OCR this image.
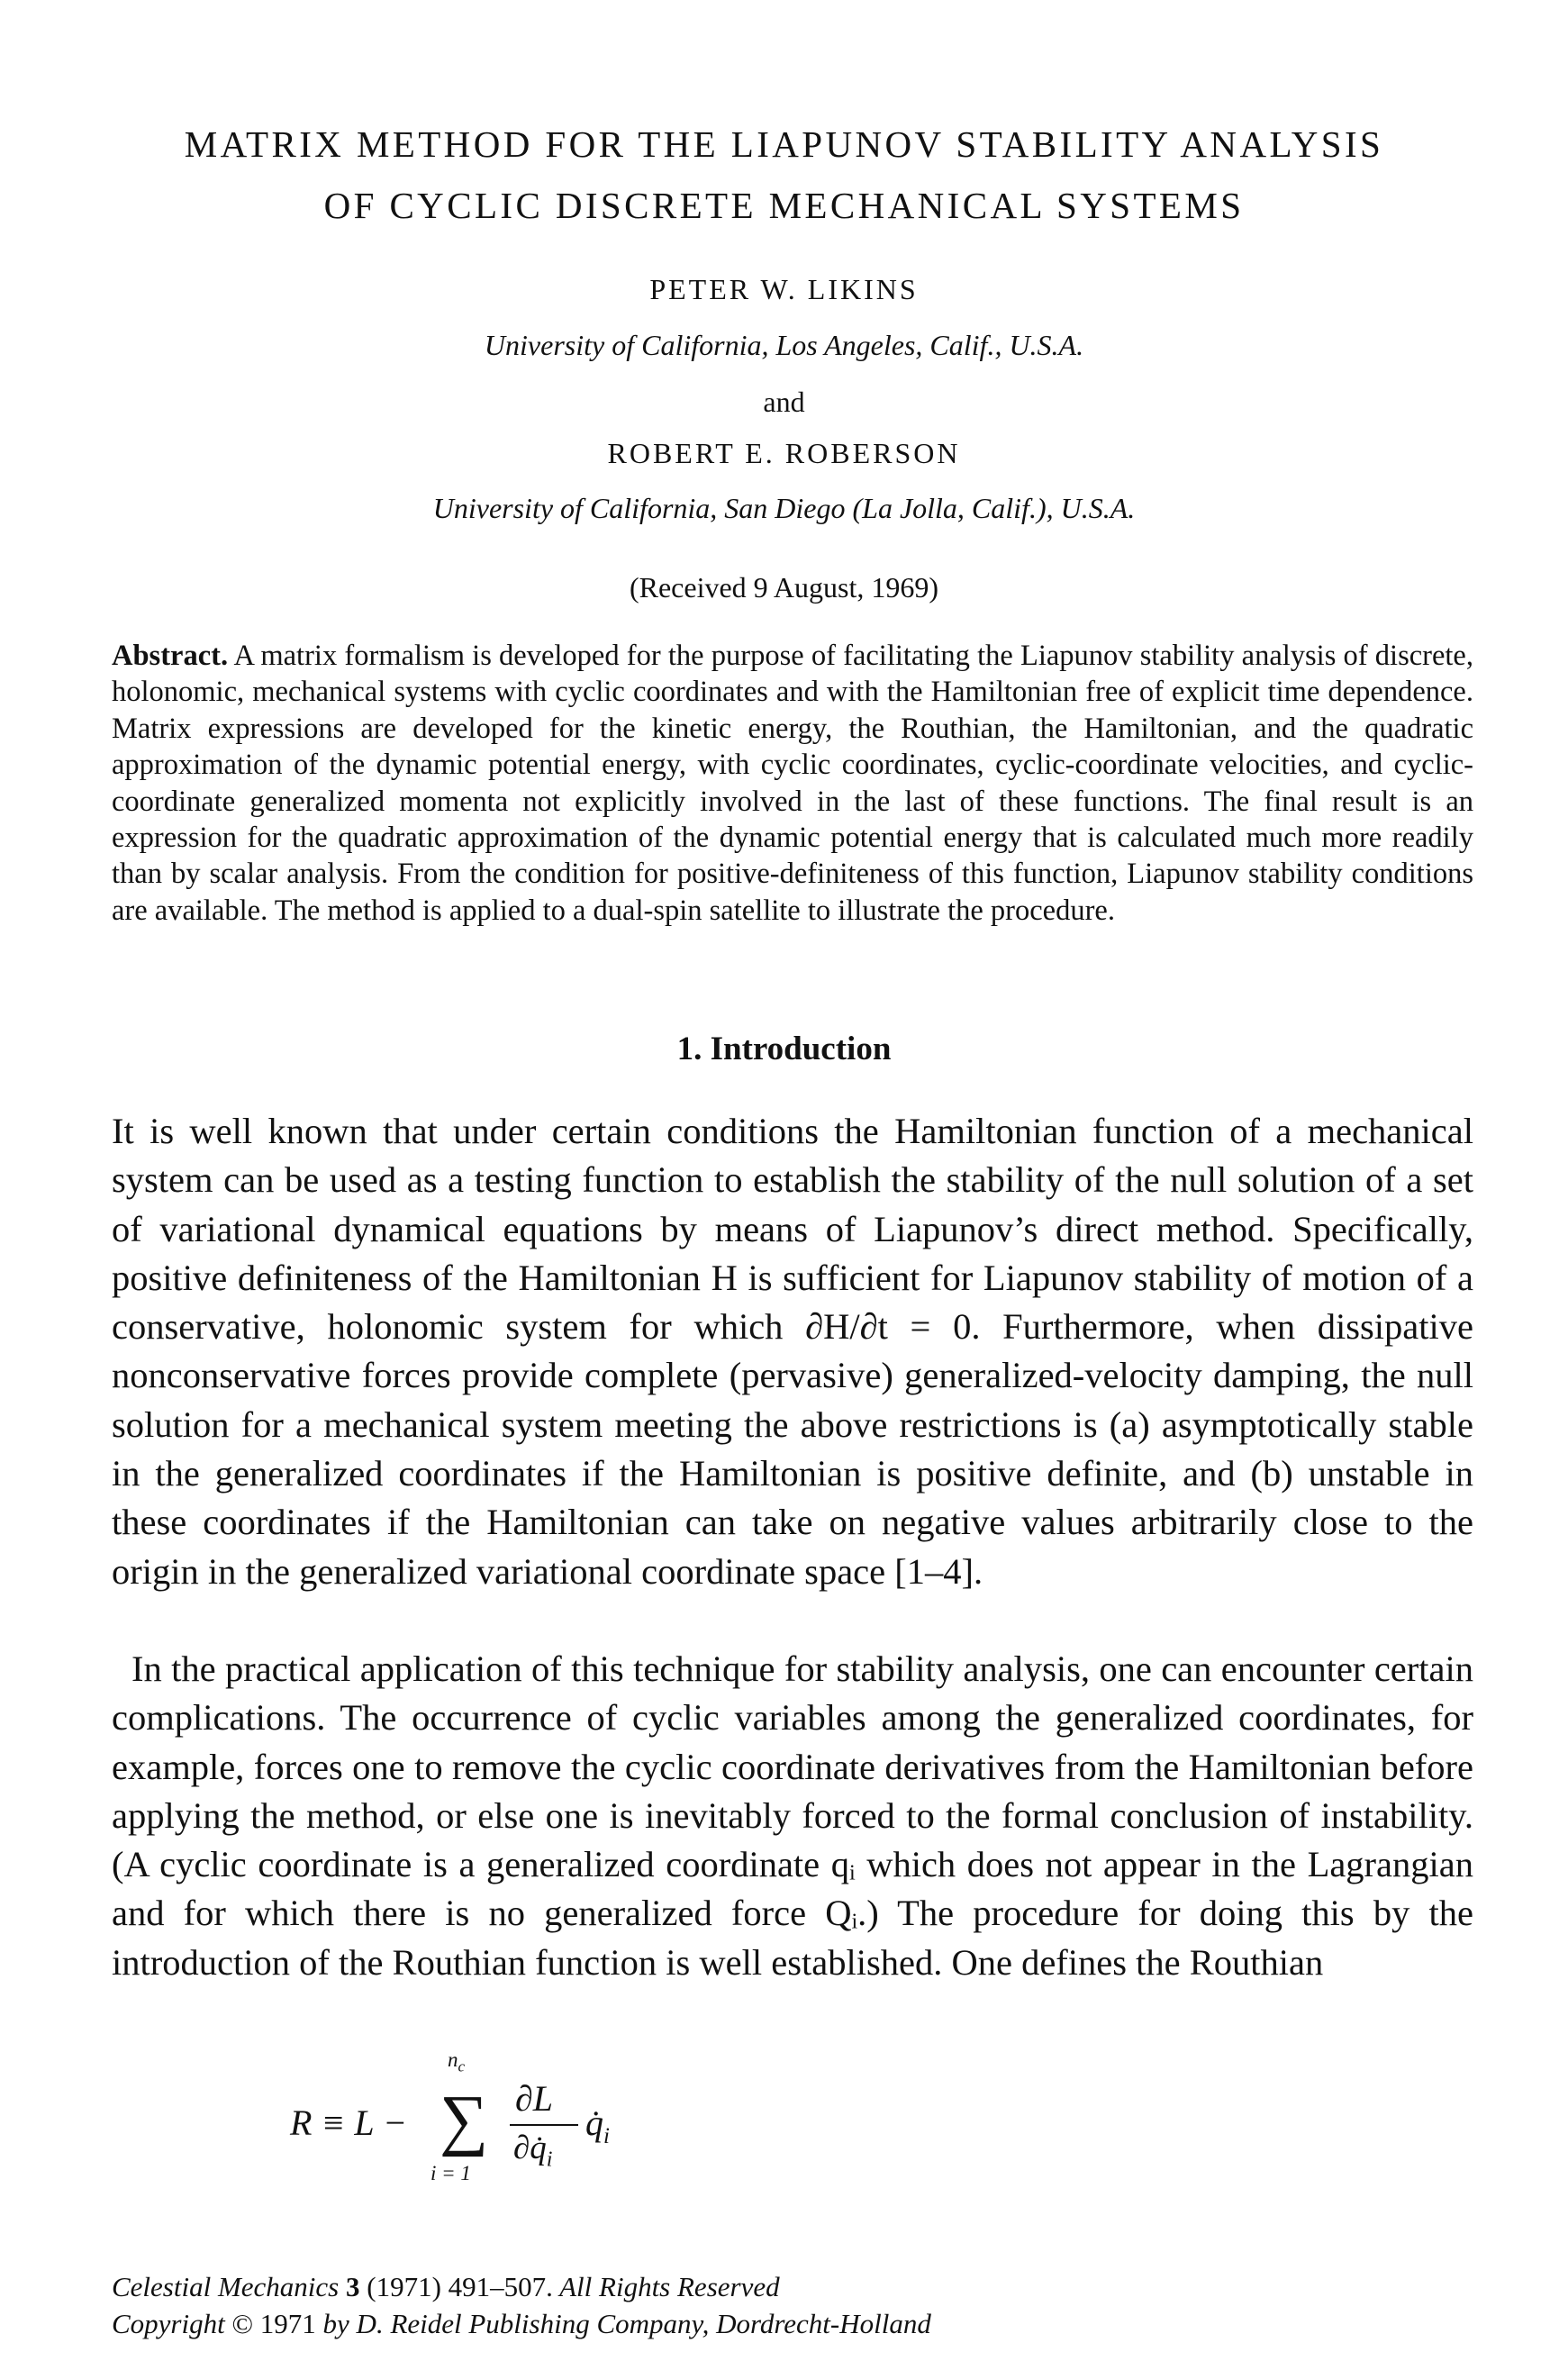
MATRIX METHOD FOR THE LIAPUNOV STABILITY ANALYSIS
OF CYCLIC DISCRETE MECHANICAL SYSTEMS
PETER W. LIKINS
University of California, Los Angeles, Calif., U.S.A.
and
ROBERT E. ROBERSON
University of California, San Diego (La Jolla, Calif.), U.S.A.
(Received 9 August, 1969)
Abstract. A matrix formalism is developed for the purpose of facilitating the Liapunov stability analysis of discrete, holonomic, mechanical systems with cyclic coordinates and with the Hamiltonian free of explicit time dependence. Matrix expressions are developed for the kinetic energy, the Routhian, the Hamiltonian, and the quadratic approximation of the dynamic potential energy, with cyclic coordinates, cyclic-coordinate velocities, and cyclic-coordinate generalized momenta not explicitly involved in the last of these functions. The final result is an expression for the quadratic approximation of the dynamic potential energy that is calculated much more readily than by scalar analysis. From the condition for positive-definiteness of this function, Liapunov stability conditions are available. The method is applied to a dual-spin satellite to illustrate the procedure.
1. Introduction
It is well known that under certain conditions the Hamiltonian function of a mechanical system can be used as a testing function to establish the stability of the null solution of a set of variational dynamical equations by means of Liapunov’s direct method. Specifically, positive definiteness of the Hamiltonian H is sufficient for Liapunov stability of motion of a conservative, holonomic system for which ∂H/∂t = 0. Furthermore, when dissipative nonconservative forces provide complete (pervasive) generalized-velocity damping, the null solution for a mechanical system meeting the above restrictions is (a) asymptotically stable in the generalized coordinates if the Hamiltonian is positive definite, and (b) unstable in these coordinates if the Hamiltonian can take on negative values arbitrarily close to the origin in the generalized variational coordinate space [1–4].
In the practical application of this technique for stability analysis, one can encounter certain complications. The occurrence of cyclic variables among the generalized coordinates, for example, forces one to remove the cyclic coordinate derivatives from the Hamiltonian before applying the method, or else one is inevitably forced to the formal conclusion of instability. (A cyclic coordinate is a generalized coordinate qᵢ which does not appear in the Lagrangian and for which there is no generalized force Qᵢ.) The procedure for doing this by the introduction of the Routhian function is well established. One defines the Routhian
R ≡ L −
$n_c$
∑
i = 1
∂L
$\partial q̇_i$
$q̇_i$
Celestial Mechanics 3 (1971) 491–507. All Rights Reserved
Copyright © 1971 by D. Reidel Publishing Company, Dordrecht-Holland
